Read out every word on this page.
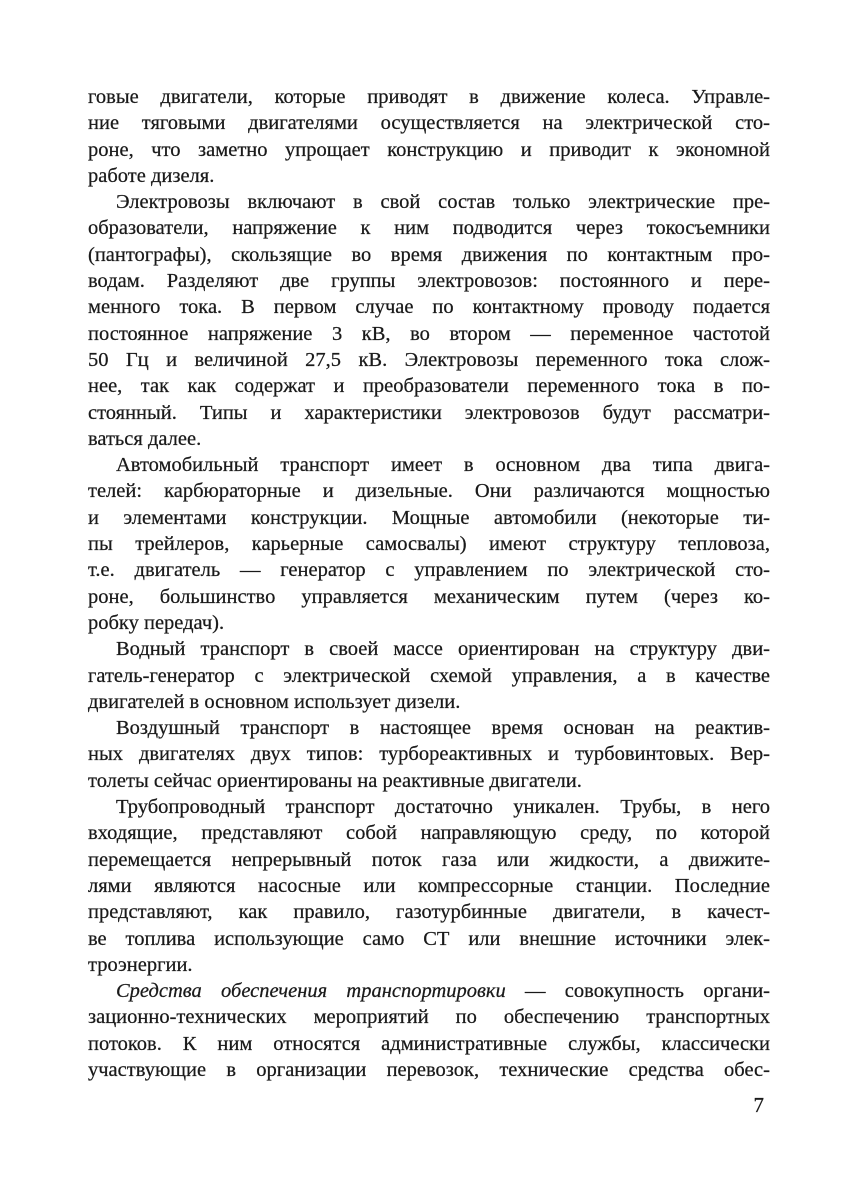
говые двигатели, которые приводят в движение колеса. Управле-
ние тяговыми двигателями осуществляется на электрической сто-
роне, что заметно упрощает конструкцию и приводит к экономной
работе дизеля.

Электровозы включают в свой состав только электрические пре-
образователи, напряжение к ним подводится через токосъемники
(пантографы), скользящие во время движения по контактным про-
водам. Разделяют две группы электровозов: постоянного и пере-
менного тока. В первом случае по контактному проводу подается
постоянное напряжение 3 кВ, во втором — переменное частотой
50 Гц и величиной 27,5 кВ. Электровозы переменного тока слож-
нее, так как содержат и преобразователи переменного тока в по-
стоянный. Типы и характеристики электровозов будут рассматри-
ваться далее.

Автомобильный транспорт имеет в основном два типа двига-
телей: карбюраторные и дизельные. Они различаются мощностью
и элементами конструкции. Мощные автомобили (некоторые ти-
пы трейлеров, карьерные самосвалы) имеют структуру тепловоза,
т.е. двигатель — генератор с управлением по электрической сто-
роне, большинство управляется механическим путем (через ко-
робку передач).

Водный транспорт в своей массе ориентирован на структуру дви-
гатель-генератор с электрической схемой управления, а в качестве
двигателей в основном использует дизели.

Воздушный транспорт в настоящее время основан на реактив-
ных двигателях двух типов: турбореактивных и турбовинтовых. Вер-
толеты сейчас ориентированы на реактивные двигатели.

Трубопроводный транспорт достаточно уникален. Трубы, в него
входящие, представляют собой направляющую среду, по которой
перемещается непрерывный поток газа или жидкости, а движите-
лями являются насосные или компрессорные станции. Последние
представляют, как правило, газотурбинные двигатели, в качест-
ве топлива использующие само СТ или внешние источники элек-
троэнергии.

Средства обеспечения транспортировки — совокупность органи-
зационно-технических мероприятий по обеспечению транспортных
потоков. К ним относятся административные службы, классически
участвующие в организации перевозок, технические средства обес-

7
